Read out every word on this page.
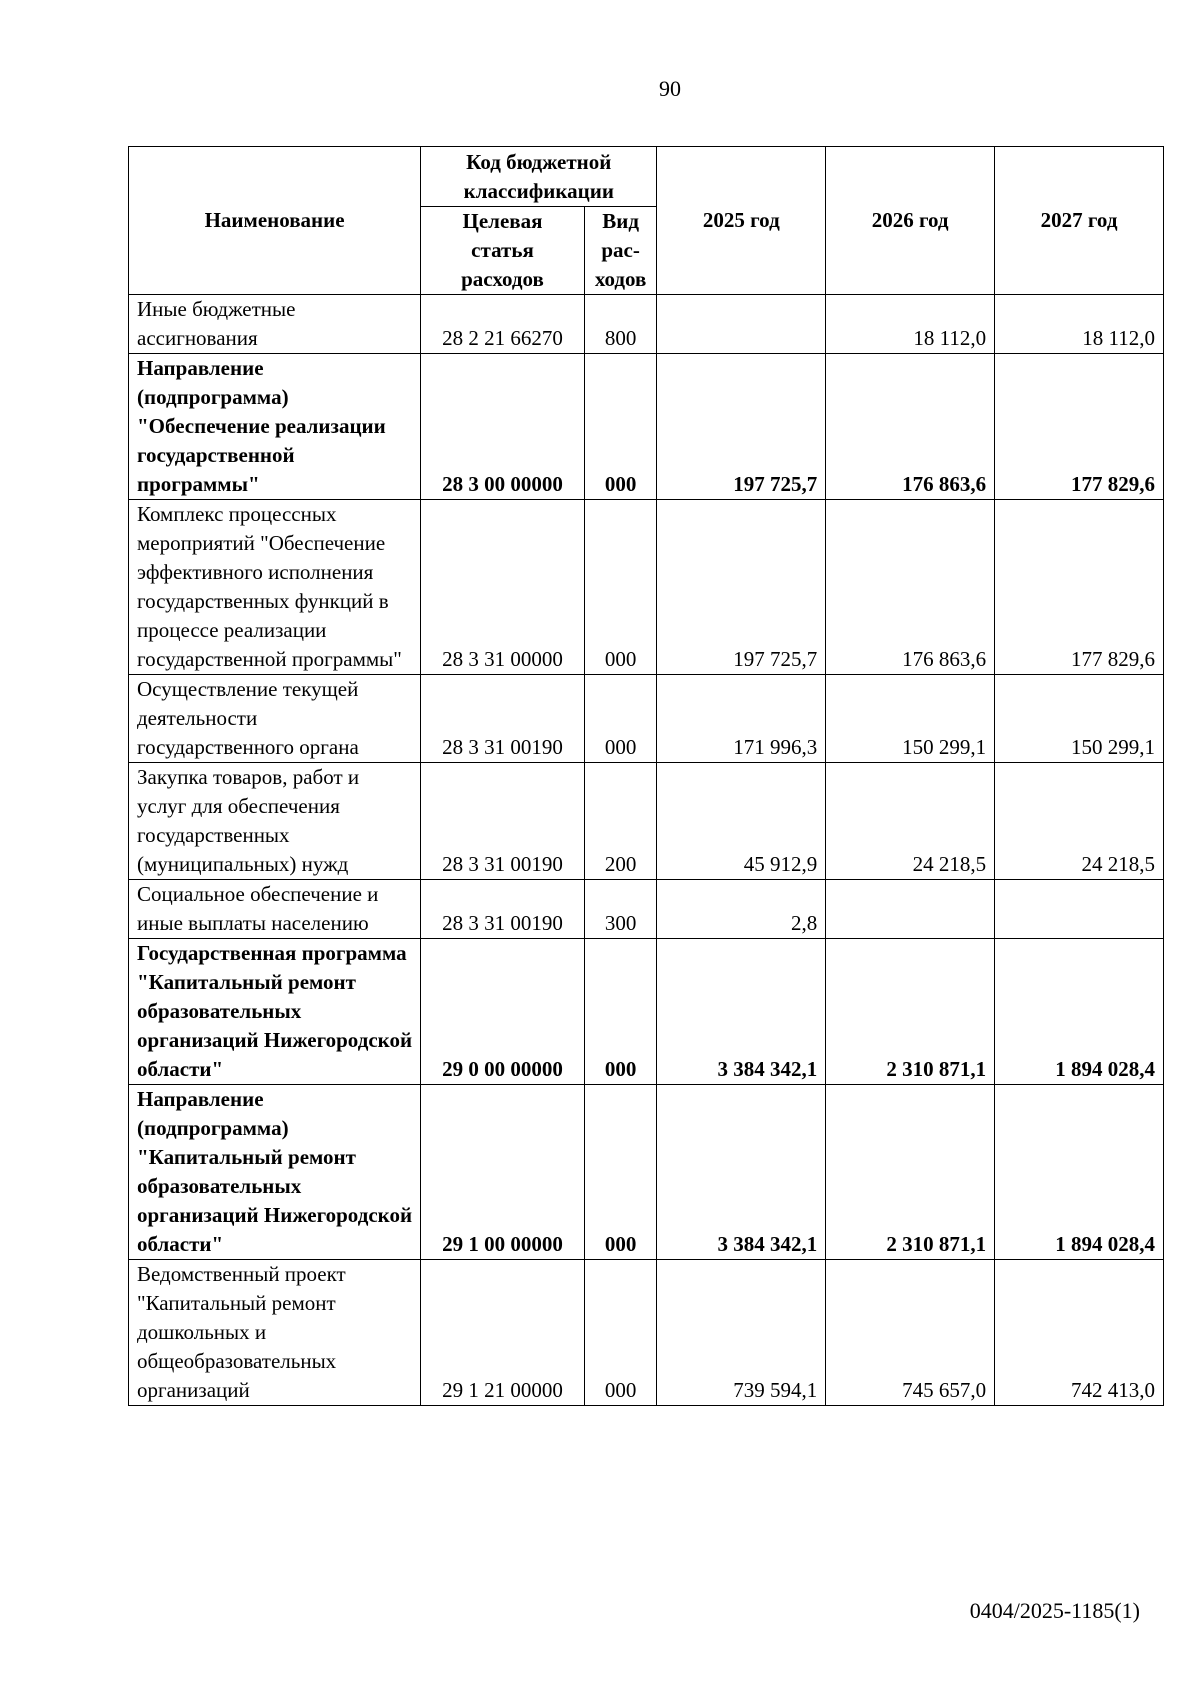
90
Наименование	Код бюджетной классификации		2025 год	2026 год	2027 год
	Целевая статья расходов	Вид рас-ходов			
Иные бюджетные ассигнования	28 2 21 66270	800		18 112,0	18 112,0
Направление (подпрограмма) "Обеспечение реализации государственной программы"	28 3 00 00000	000	197 725,7	176 863,6	177 829,6
Комплекс процессных мероприятий "Обеспечение эффективного исполнения государственных функций в процессе реализации государственной программы"	28 3 31 00000	000	197 725,7	176 863,6	177 829,6
Осуществление текущей деятельности государственного органа	28 3 31 00190	000	171 996,3	150 299,1	150 299,1
Закупка товаров, работ и услуг для обеспечения государственных (муниципальных) нужд	28 3 31 00190	200	45 912,9	24 218,5	24 218,5
Социальное обеспечение и иные выплаты населению	28 3 31 00190	300	2,8		
Государственная программа "Капитальный ремонт образовательных организаций Нижегородской области"	29 0 00 00000	000	3 384 342,1	2 310 871,1	1 894 028,4
Направление (подпрограмма) "Капитальный ремонт образовательных организаций Нижегородской области"	29 1 00 00000	000	3 384 342,1	2 310 871,1	1 894 028,4
Ведомственный проект "Капитальный ремонт дошкольных и общеобразовательных организаций	29 1 21 00000	000	739 594,1	745 657,0	742 413,0
0404/2025-1185(1)
